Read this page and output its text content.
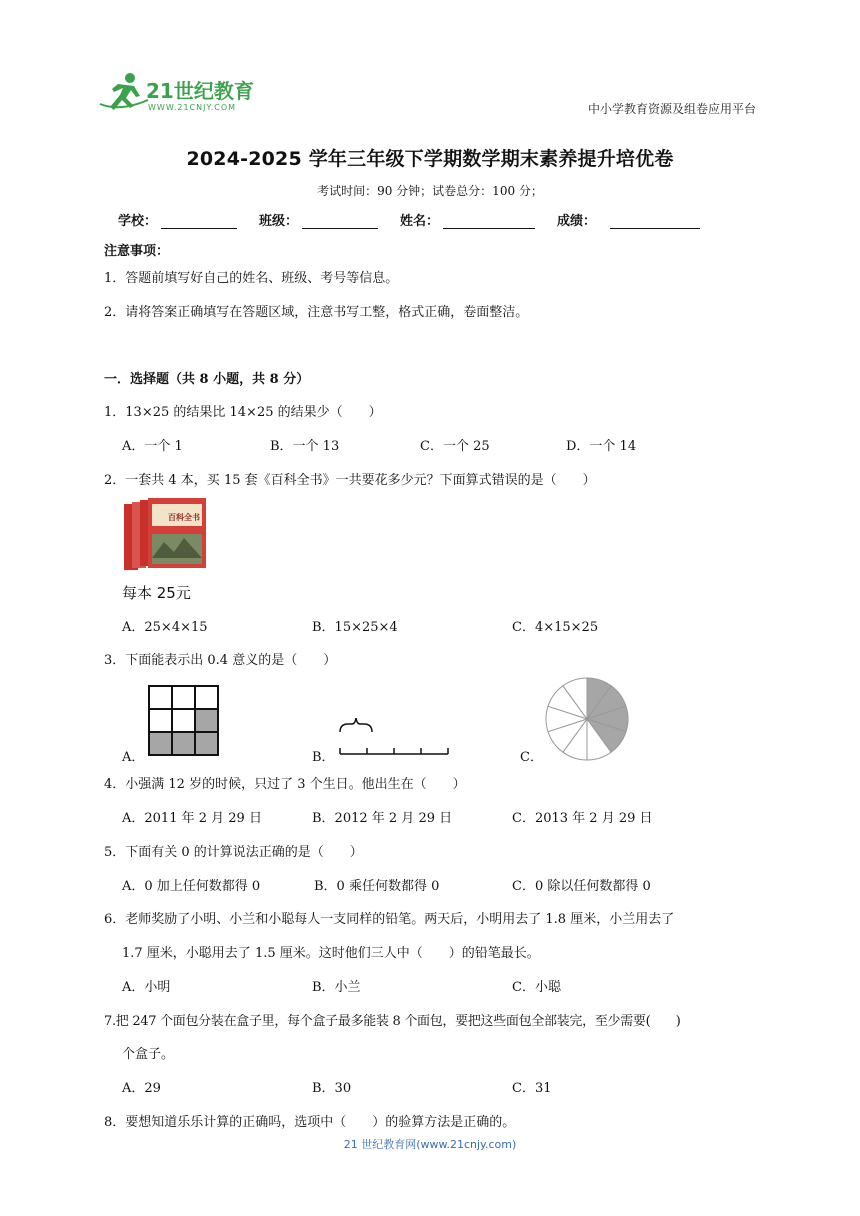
21世纪教育
WWW.21CNJY.COM	中小学教育资源及组卷应用平台
2024-2025 学年三年级下学期数学期末素养提升培优卷
考试时间：90 分钟；试卷总分：100 分；
学校：	班级：	姓名：	成绩：
注意事项：
1．答题前填写好自己的姓名、班级、考号等信息。
2．请将答案正确填写在答题区域，注意书写工整，格式正确，卷面整洁。
一．选择题（共 8 小题，共 8 分）
1．13×25 的结果比 14×25 的结果少（　　）
A．一个 1	B．一个 13	C．一个 25	D．一个 14
2．一套共 4 本，买 15 套《百科全书》一共要花多少元？下面算式错误的是（　　）
百科全书
每本 25元
A．25×4×15	B．15×25×4	C．4×15×25
3．下面能表示出 0.4 意义的是（　　）
A．	B．	C．
4．小强满 12 岁的时候，只过了 3 个生日。他出生在（　　）
A．2011 年 2 月 29 日	B．2012 年 2 月 29 日	C．2013 年 2 月 29 日
5．下面有关 0 的计算说法正确的是（　　）
A．0 加上任何数都得 0	B．0 乘任何数都得 0	C．0 除以任何数都得 0
6．老师奖励了小明、小兰和小聪每人一支同样的铅笔。两天后，小明用去了 1.8 厘米，小兰用去了
1.7 厘米，小聪用去了 1.5 厘米。这时他们三人中（　　）的铅笔最长。
A．小明	B．小兰	C．小聪
7.把 247 个面包分装在盒子里，每个盒子最多能装 8 个面包，要把这些面包全部装完，至少需要(　　)
个盒子。
A．29	B．30	C．31
8．要想知道乐乐计算的正确吗，选项中（　　）的验算方法是正确的。
21 世纪教育网(www.21cnjy.com)
